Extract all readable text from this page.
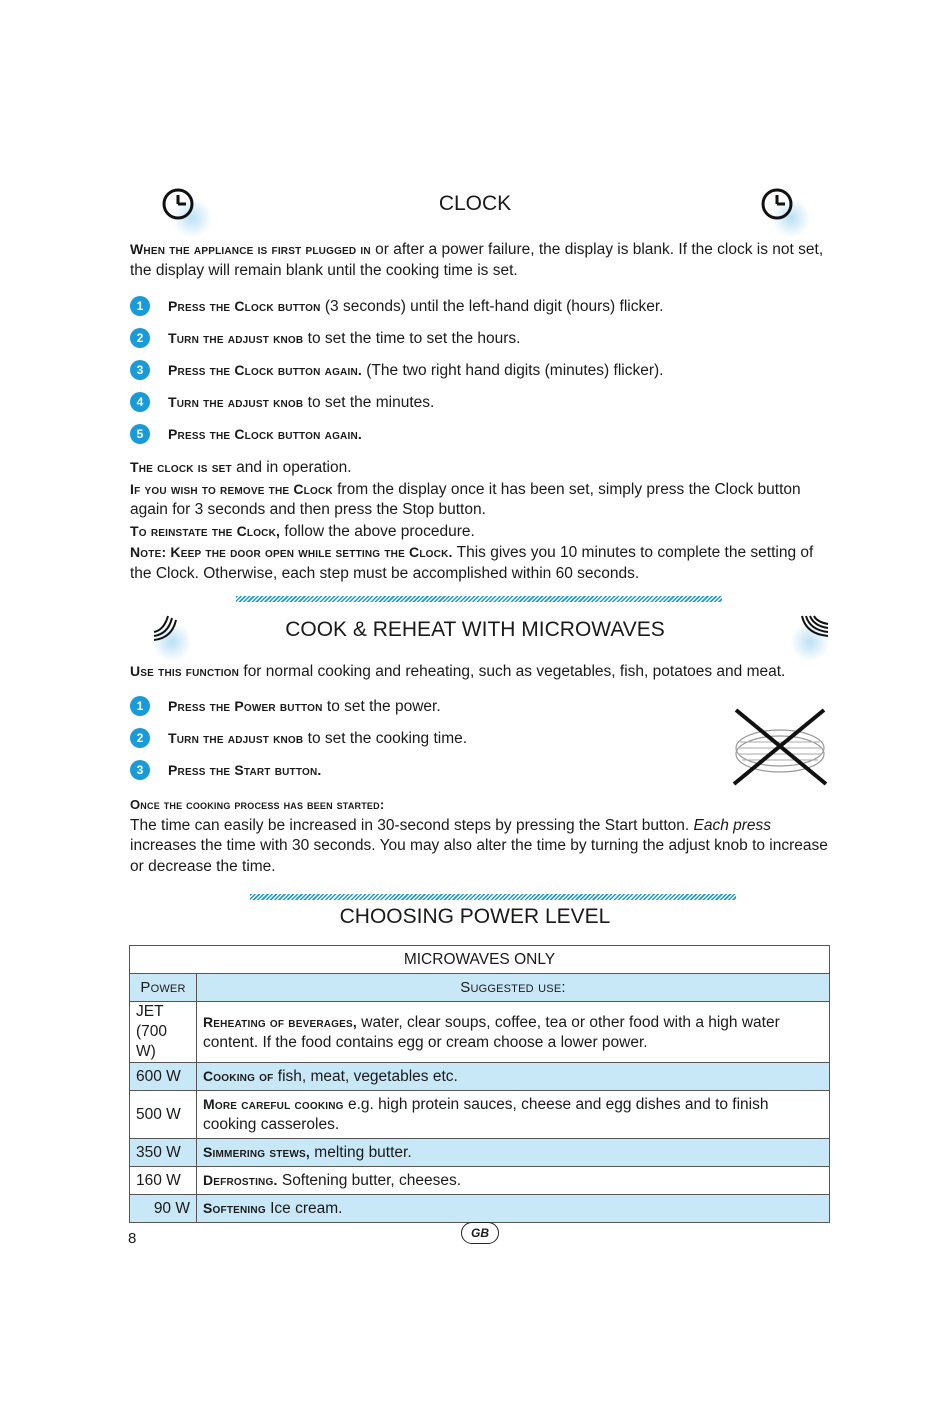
CLOCK
When the appliance is first plugged in or after a power failure, the display is blank. If the clock is not set, the display will remain blank until the cooking time is set.
1	Press the Clock button (3 seconds) until the left-hand digit (hours) flicker.
2	Turn the adjust knob to set the time to set the hours.
3	Press the Clock button again. (The two right hand digits (minutes) flicker).
4	Turn the adjust knob to set the minutes.
5	Press the Clock button again.
The clock is set and in operation.
If you wish to remove the Clock from the display once it has been set, simply press the Clock button again for 3 seconds and then press the Stop button.
To reinstate the Clock, follow the above procedure.
Note: Keep the door open while setting the Clock. This gives you 10 minutes to complete the setting of the Clock. Otherwise, each step must be accomplished within 60 seconds.
COOK & REHEAT WITH MICROWAVES
Use this function for normal cooking and reheating, such as vegetables, fish, potatoes and meat.
1	Press the Power button to set the power.
2	Turn the adjust knob to set the cooking time.
3	Press the Start button.
Once the cooking process has been started:
The time can easily be increased in 30-second steps by pressing the Start button. Each press increases the time with 30 seconds. You may also alter the time by turning the adjust knob to increase or decrease the time.
CHOOSING POWER LEVEL
MICROWAVES ONLY	
Power	Suggested use:
JET (700 W)	Reheating of beverages, water, clear soups, coffee, tea or other food with a high water content. If the food contains egg or cream choose a lower power.
600 W	Cooking of fish, meat, vegetables etc.
500 W	More careful cooking e.g. high protein sauces, cheese and egg dishes and to finish cooking casseroles.
350 W	Simmering stews, melting butter.
160 W	Defrosting. Softening butter, cheeses.
90 W	Softening Ice cream.
8	GB
